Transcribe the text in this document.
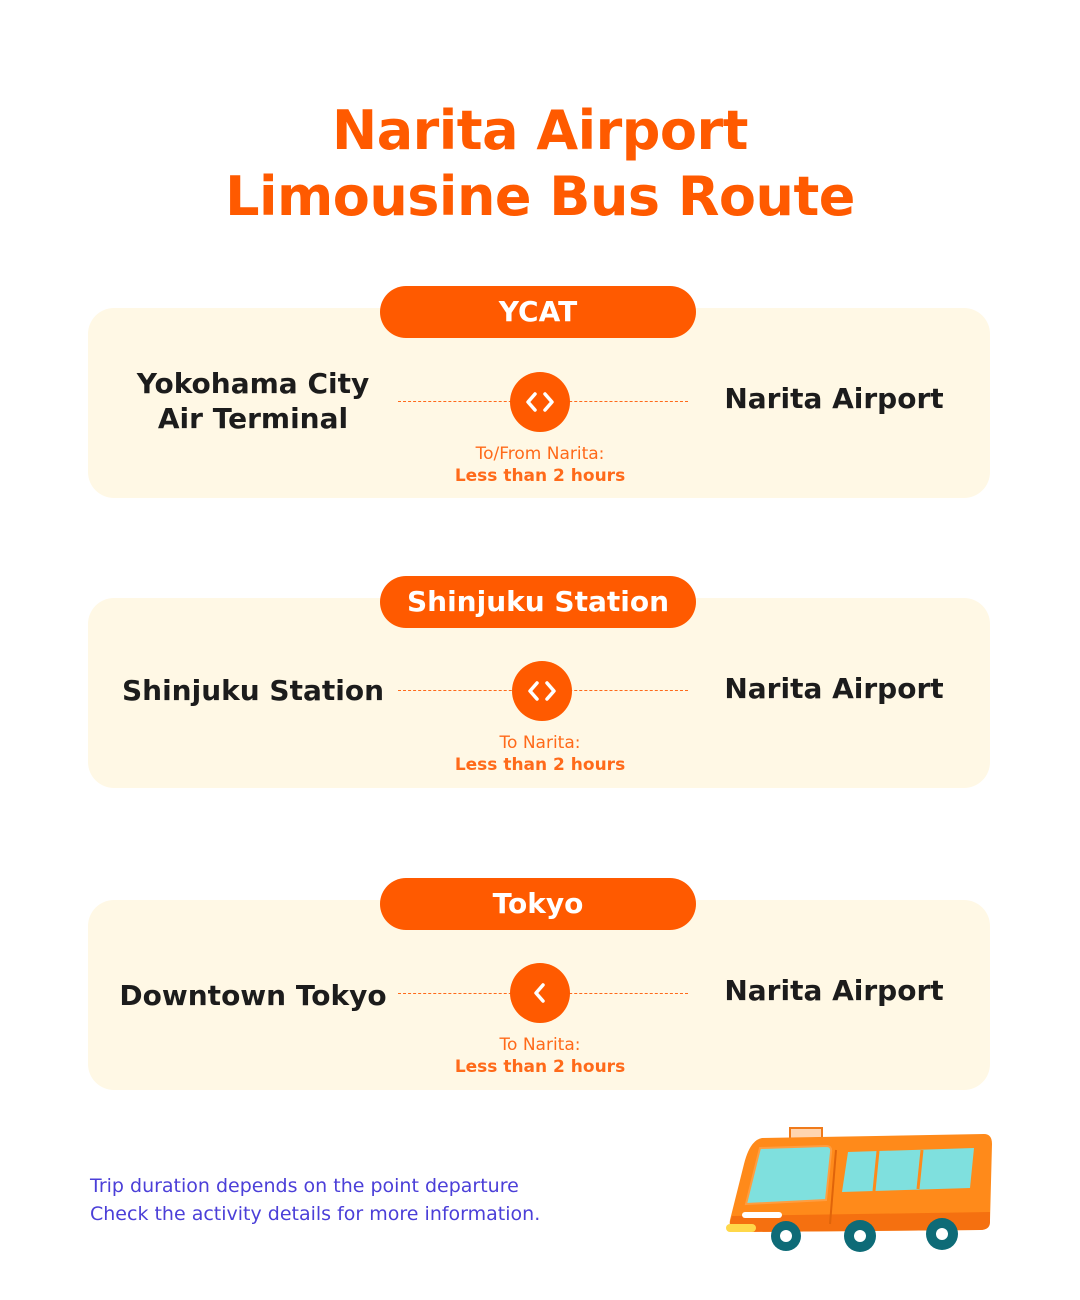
Narita Airport
Limousine Bus Route
YCAT
Yokohama City
Air Terminal
Narita Airport
To/From Narita:
Less than 2 hours
Shinjuku Station
Shinjuku Station	Narita Airport
To Narita:
Less than 2 hours
Tokyo
Downtown Tokyo	Narita Airport
To Narita:
Less than 2 hours
Trip duration depends on the point departure
Check the activity details for more information.
